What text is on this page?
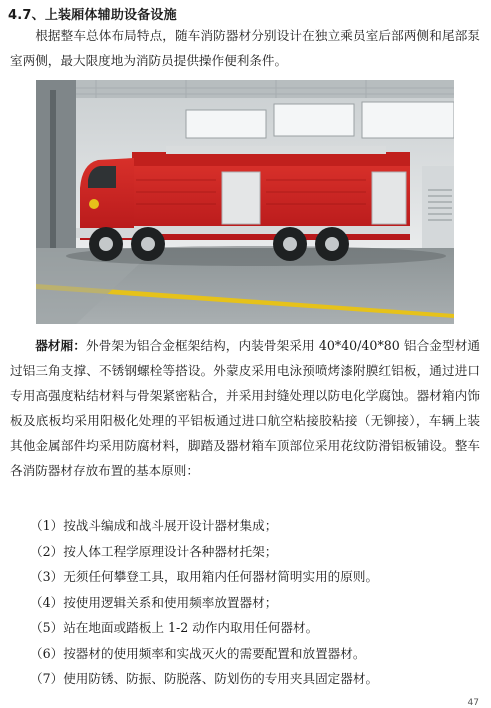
4.7、上装厢体辅助设备设施

根据整车总体布局特点，随车消防器材分别设计在独立乘员室后部两侧和尾部泵室两侧，最大限度地为消防员提供操作便利条件。

器材厢：外骨架为铝合金框架结构，内装骨架采用 40*40/40*80 铝合金型材通过铝三角支撑、不锈钢螺栓等搭设。外蒙皮采用电泳预喷烤漆附膜红铝板，通过进口专用高强度粘结材料与骨架紧密粘合，并采用封缝处理以防电化学腐蚀。器材箱内饰板及底板均采用阳极化处理的平铝板通过进口航空粘接胶粘接（无铆接），车辆上装其他金属部件均采用防腐材料，脚踏及器材箱车顶部位采用花纹防滑铝板铺设。整车各消防器材存放布置的基本原则：

（1）按战斗编成和战斗展开设计器材集成；
（2）按人体工程学原理设计各种器材托架；
（3）无须任何攀登工具，取用箱内任何器材简明实用的原则。
（4）按使用逻辑关系和使用频率放置器材；
（5）站在地面或踏板上 1-2 动作内取用任何器材。
（6）按器材的使用频率和实战灭火的需要配置和放置器材。
（7）使用防锈、防振、防脱落、防划伤的专用夹具固定器材。
47
